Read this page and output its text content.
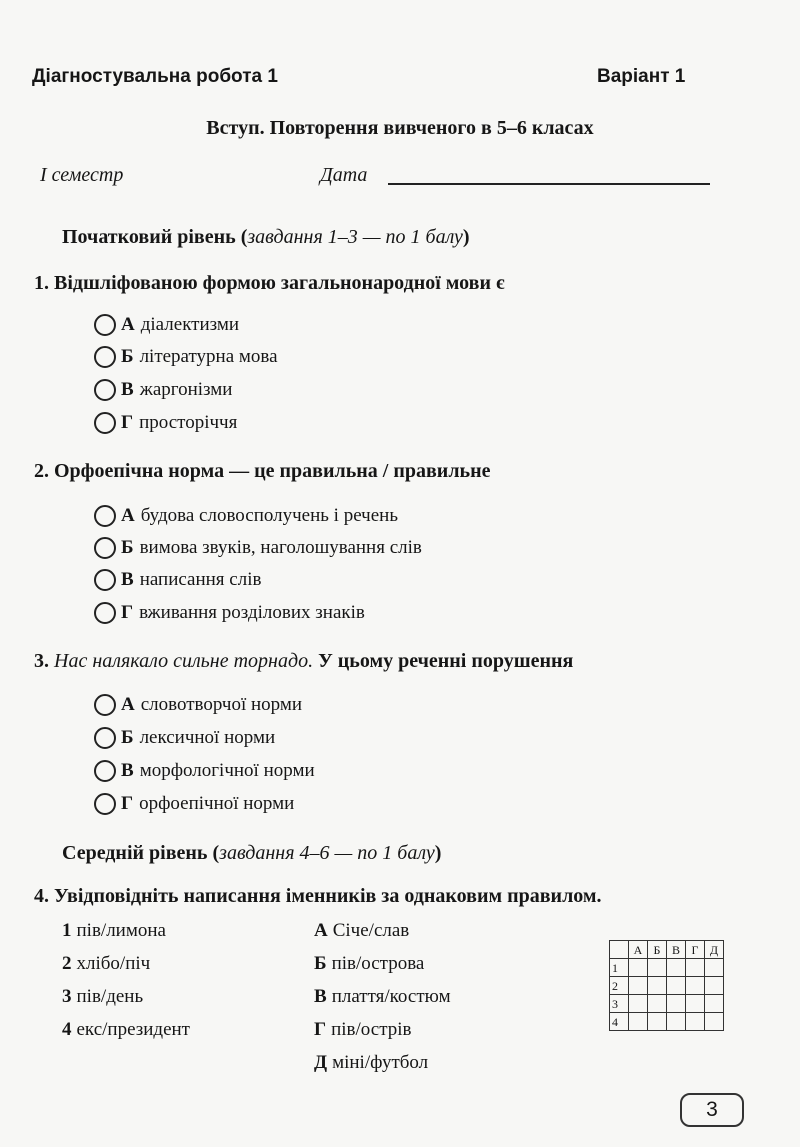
Діагностувальна робота 1	Варіант 1
Вступ. Повторення вивченого в 5–6 класах
I семестр	Дата
Початковий рівень (завдання 1–3 — по 1 балу)
1. Відшліфованою формою загальнонародної мови є
А діалектизми
Б літературна мова
В жаргонізми
Г просторіччя
2. Орфоепічна норма — це правильна / правильне
А будова словосполучень і речень
Б вимова звуків, наголошування слів
В написання слів
Г вживання розділових знаків
3. Нас налякало сильне торнадо. У цьому реченні порушення
А словотворчої норми
Б лексичної норми
В морфологічної норми
Г орфоепічної норми
Середній рівень (завдання 4–6 — по 1 балу)
4. Увідповідніть написання іменників за однаковим правилом.
1 пів/лимона
2 хлібо/піч
3 пів/день
4 екс/президент
А Січе/слав
Б пів/острова
В плаття/костюм
Г пів/острів
Д міні/футбол
	А	Б	В	Г	Д
1					
2					
3					
4					
3
